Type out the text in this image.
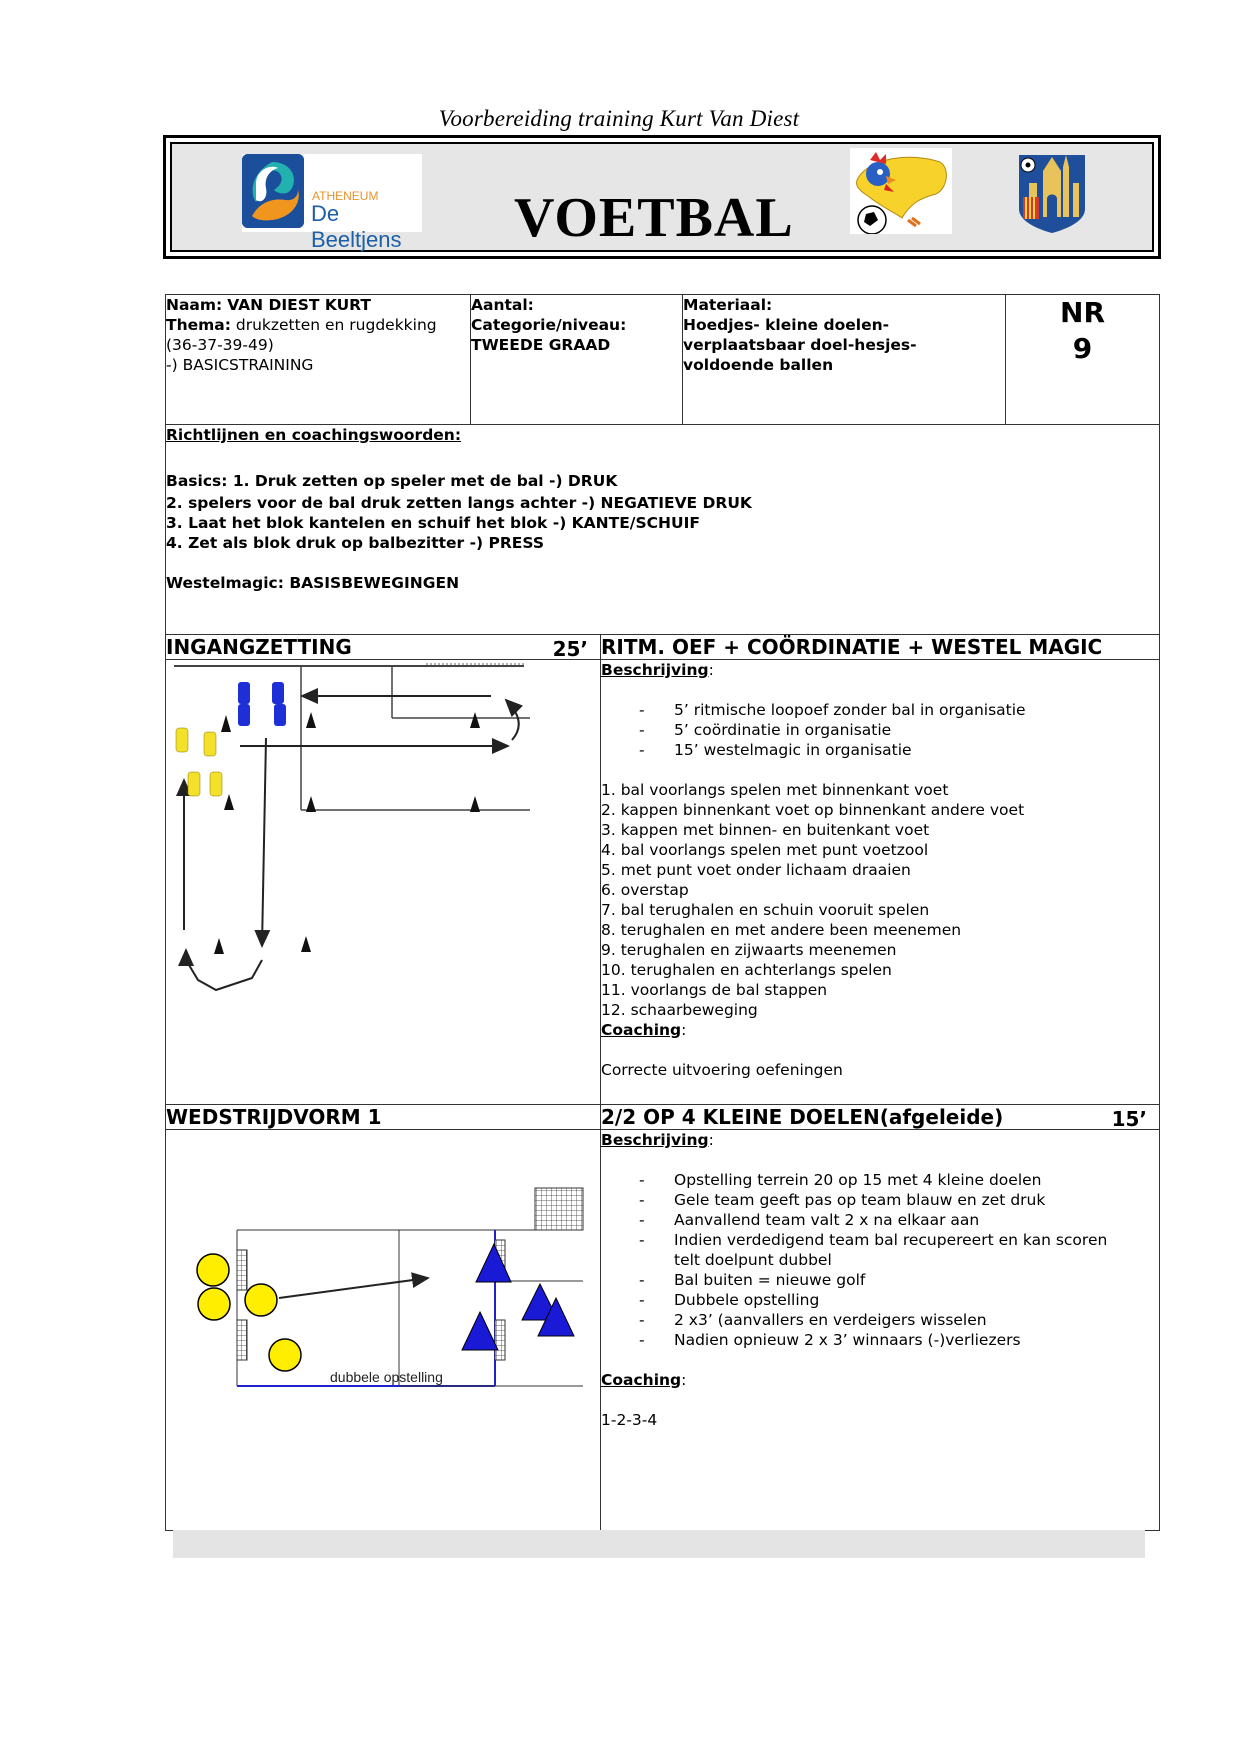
Voorbereiding training Kurt Van Diest
ATHENEUM
De Beeltjens	VOETBAL
Naam: VAN DIEST KURT
Thema: drukzetten en rugdekking (36-37-39-49)
-) BASICSTRAINING

Aantal:
Categorie/niveau:
TWEEDE GRAAD

Materiaal:
Hoedjes- kleine doelen-verplaatsbaar doel-hesjes-voldoende ballen

NR
9

Richtlijnen en coachingswoorden:
Basics: 1. Druk zetten op speler met de bal -) DRUK
2. spelers voor de bal druk zetten langs achter -) NEGATIEVE DRUK
3. Laat het blok kantelen en schuif het blok -) KANTE/SCHUIF
4. Zet als blok druk op balbezitter -) PRESS
Westelmagic: BASISBEWEGINGEN

INGANGZETTING 25’		RITM. OEF + COÖRDINATIE + WESTEL MAGIC		

Beschrijving:
- 5’ ritmische loopoef zonder bal in organisatie
- 5’ coördinatie in organisatie
- 15’ westelmagic in organisatie
1. bal voorlangs spelen met binnenkant voet
2. kappen binnenkant voet op binnenkant andere voet
3. kappen met binnen- en buitenkant voet
4. bal voorlangs spelen met punt voetzool
5. met punt voet onder lichaam draaien
6. overstap
7. bal terughalen en schuin vooruit spelen
8. terughalen en met andere been meenemen
9. terughalen en zijwaarts meenemen
10. terughalen en achterlangs spelen
11. voorlangs de bal stappen
12. schaarbeweging
Coaching:
Correcte uitvoering oefeningen

WEDSTRIJDVORM 1		2/2 OP 4 KLEINE DOELEN(afgeleide) 15’		

dubbele opstelling

Beschrijving:
- Opstelling terrein 20 op 15 met 4 kleine doelen
- Gele team geeft pas op team blauw en zet druk
- Aanvallend team valt 2 x na elkaar aan
- Indien verdedigend team bal recupereert en kan scoren telt doelpunt dubbel
- Bal buiten = nieuwe golf
- Dubbele opstelling
- 2 x3’ (aanvallers en verdeigers wisselen
- Nadien opnieuw 2 x 3’ winnaars (-)verliezers
Coaching:
1-2-3-4
